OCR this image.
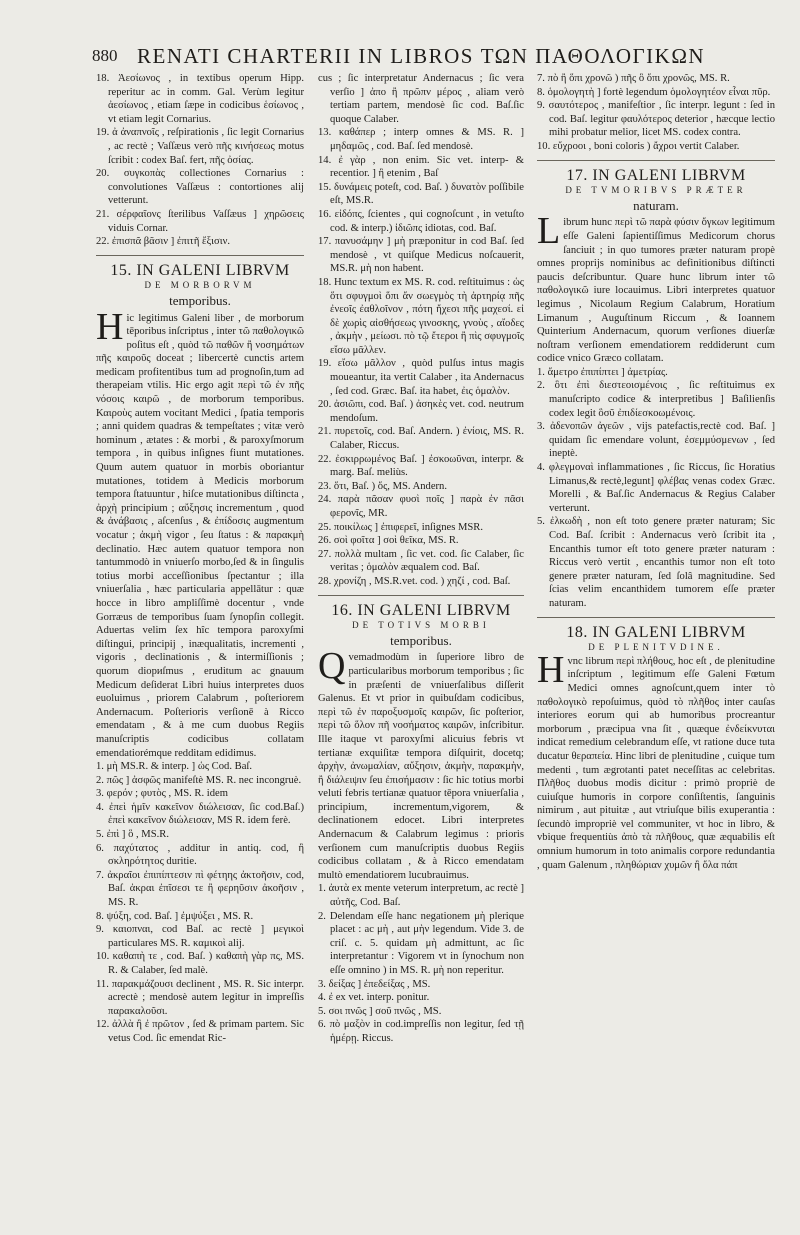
880 RENATI CHARTERII IN LIBROS ΤΩΝ ΠΑΘΟΛΟΓΙΚΩΝ

18. Ἀεσίωνος , in textibus operum Hipp. reperitur ac in comm. Gal. Verùm legitur ἀεσίωνος , etiam ſæpe in codicibus ἑσίωνος , vt etiam legit Cornarius.

19. ἀ ἀναπνοῖς , reſpirationis , ſic legit Cornarius , ac rectè ; Vaſſæus verò πῆς κινήσεως motus ſcribit : codex Baſ. fert, πῆς ὀσίας.

20. συγκοπὰς collectiones Cornarius : convolutiones Vaſſæus : contortiones alij vetterunt.

21. σέρφαῖονς ſterilibus Vaſſæus ] χηρῶσεις viduis Cornar.

22. ἐπισπᾶ βᾶσιν ] ἐπιτῆ ἔξισιν.

15. IN GALENI LIBRVM

DE MORBORVM

temporibus.

Hic legitimus Galeni liber , de morborum tēporibus inſcriptus , inter τῶ παθολογικῶ poſitus eſt , quòd τῶ παθῶν ἢ νοσημάτων πῆς καιροῦς doceat ; libercertè cunctis artem medicam profitentibus tum ad prognoſin,tum ad therapeiam vtilis. Hic ergo agit περὶ τῶ ἐν πῆς νόσοις καιρῶ , de morborum temporibus. Καιροὺς autem vocitant Medici , ſpatia temporis ; anni quidem quadras & tempeſtates ; vitæ verò hominum , ætates : & morbi , & paroxyſmorum tempora , in quibus inſignes fiunt mutationes. Quum autem quatuor in morbis oboriantur mutationes, totidem à Medicis morborum tempora ſtatuuntur , hiſce mutationibus diſtincta , ἀρχὴ principium ; αὔξησις incrementum , quod & ἀνάβασις , aſcenſus , & ἐπίδοσις augmentum vocatur ; ἀκμὴ vigor , ſeu ſtatus : & παρακμὴ declinatio. Hæc autem quatuor tempora non tantummodò in vniuerſo morbo,ſed & in ſingulis totius morbi acceſſionibus ſpectantur ; illa vniuerſalia , hæc particularia appellātur : quæ hocce in libro ampliſſimè docentur , vnde Gorræus de temporibus ſuam ſynopſin collegit. Aduertas velim ſex hîc tempora paroxyſmi diſtingui, principij , inæqualitatis, incrementi , vigoris , declinationis , & intermiſſionis ; quorum diориſmus , eruditum ac gnauum Medicum deſiderat Libri huius interpretes duos euoluimus , priorem Calabrum , poſteriorem Andernacum. Poſterioris verſionē à Ricco emendatam , & à me cum duobus Regiis manuſcriptis codicibus collatam emendatiorémque redditam edidimus.

1. μὴ MS.R. & interp. ] ὡς Cod. Baſ.

2. πῶς ] ἀσφῶς manifeſtè MS. R. nec incongruè.

3. φερόν ; φυτὸς , MS. R. idem

4. ἐπεὶ ἡμῖν κακεῖνον διώλεισαν, ſic cod.Baſ.) ἐπεὶ κακεῖνον διώλεισαν, MS R. idem ferè.

5. ἐπὶ ] ὃ , MS.R.

6. παχύτατος , additur in antiq. cod, ἢ σκληρότητος duritie.

7. ἀκραῖοι ἐπιπίπτεσιν πὶ φέτηης ἀκτοῆσιν, cod, Baſ. ἀκραι ἐπῖσεσι τε ἢ φερηῦσιν ἀκοῆσιν , MS. R.

8. ψύξη, cod. Baſ. ] ἐμψύξει , MS. R.

9. καιοπναι, cod Baſ. ac rectè ] μεγικοὶ particulares MS. R. καμικοὶ alij.

10. καθαπὴ τε , cod. Baſ. ) καθαπὴ γὰρ πς, MS. R. & Calaber, ſed malè.

11. παρακμάζουσι declinent , MS. R. Sic interpr. acrectè ; mendosè autem legitur in impreſſis παρακαλοῦσι.

12. ἀλλὰ ἢ ἐ πρῶτον , ſed & primam partem. Sic vetus Cod. ſic emendat Ric-

cus ; ſic interpretatur Andernacus ; ſic vera verſio ] ἀπο ἢ πρῶπν μέρος , aliam verò tertiam partem, mendosè ſic cod. Baſ.ſic quoque Calaber.

13. καθάπερ ; interp omnes & MS. R. ] μηδαμῶς , cod. Baſ. ſed mendosè.

14. ἐ γὰρ , non enim. Sic vet. interp- & recentior. ] ἢ etenim , Baſ

15. δυνάμεις poteſt, cod. Baſ. ) δυνατὸν poſſibile eſt, MS.R.

16. εἰδόπς, ſcientes , qui cognoſcunt , in vetuſto cod. & interp.) ἰδιῶπς idiotas, cod. Baſ.

17. πανυσάμην ] μὴ præponitur in cod Baſ. ſed mendosè , vt quiſque Medicus noſcauerit, MS.R. μὴ non habent.

18. Hunc textum ex MS. R. cod. reſtituimus : ὡς ὅτι σφυγμοὶ ὅπι ἄν σωεγμὸς τὴ ἀρτηρίᾳ πῆς ἐνεοῖς ἐαθλοῖνον , πότη ἤχεσι πῆς μαχεσί. εἰ δὲ χωρὶς αἰσθήσεως γινοσκης, γνοὺς , αἴοδες , ἀκμὴν , μείωσι. πὸ τῷ ἔτεροι ἢ πὶς σφυγμοῖς εἴσω μᾶλλεν.

19. εἴσω μᾶλλον , quòd pulſus intus magis moueantur, ita vertit Calaber , ita Andernacus , ſed cod. Græc. Baſ. ita habet, ἐις ὁμαλὸν.

20. ἀσιῶπι, cod. Baſ. ) ἀσηκὲς vet. cod. neutrum mendoſum.

21. πυρετοῖς, cod. Baſ. Andern. ) ἐνίοις, MS. R. Calaber, Riccus.

22. ἐσκιρρωμένος Baſ. ] ἐσκοωῦναι, interpr. & marg. Baſ. meliùs.

23. ὅτι, Baſ. ) ὅς, MS. Andern.

24. παρὰ πᾶσαν φυσὶ ποῖς ] παρὰ ἐν πᾶσι φερονῖς, MR.

25. ποικίλως ] ἐπιφερεῖ, inſignes MSR.

26. σοὶ φοῖτα ] σοὶ θεῖκα, MS. R.

27. πολλὰ multam , ſic vet. cod. ſic Calaber, ſic veritas ; ὁμαλὸν æqualem cod. Baſ.

28. χρονίζη , MS.R.vet. cod. ) χηζί , cod. Baſ.

16. IN GALENI LIBRVM

DE TOTIVS MORBI

temporibus.

Qvemadmodùm in ſuperiore libro de particularibus morborum temporibus ; ſic in præſenti de vniuerſalibus diſſerit Galenus. Et vt prior in quibuſdam codicibus, περὶ τῶ ἐν παροξυσμοῖς καιρῶν, ſic poſterior, περὶ τῶ ὅλον πῆ νοσήματος καιρῶν, inſcribitur. Ille itaque vt paroxyſmi alicuius febris vt tertianæ exquiſitæ tempora diſquirit, docetq; ἀρχὴν, ἀνωμαλίαν, αὔξησιν, ἀκμὴν, παρακμὴν, ἢ διάλειψιν ſeu ἐπισήμασιν : ſic hic totius morbi veluti febris tertianæ quatuor tēpora vniuerſalia , principium, incrementum,vigorem, & declinationem edocet. Libri interpretes Andernacum & Calabrum legimus : prioris verſionem cum manuſcriptis duobus Regiis codicibus collatam , & à Ricco emendatam multò emendatiorem lucubrauimus.

1. ἀυτὰ ex mente veterum interpretum, ac rectè ] αὐτῆς, Cod. Baſ.

2. Delendam eſſe hanc negationem μὴ plerique placet : ac μὴ , aut μὴν legendum. Vide 3. de criſ. c. 5. quidam μὴ admittunt, ac ſic interpretantur : Vigorem vt in ſynochum non eſſe omnino ) in MS. R. μὴ non reperitur.

3. δείξας ] ἐπεδείξας , MS.

4. ἐ ex vet. interp. ponitur.

5. σοι πνῶς ] σοῦ πνῶς , MS.

6. πὸ μαξὸν in cod.impreſſis non legitur, ſed τῇ ἡμέρῃ. Riccus.

7. πὸ ἢ ὅπι χρονῶ ) πῆς ὃ ὅπι χρονῶς, MS. R.

8. ὁμολογητὴ ] fortè legendum ὁμολογητέον εἶναι πῦρ.

9. σαυτότερος , manifeſtior , ſic interpr. legunt : ſed in cod. Baſ. legitur φαυλότερος deterior , hæcque lectio mihi probatur melior, licet MS. codex contra.

10. εὔχροοι , boni coloris ) ἄχροι vertit Calaber.

17. IN GALENI LIBRVM

DE TVMORIBVS PRÆTER

naturam.

Librum hunc περὶ τῶ παρὰ φύσιν ὄγκων legitimum eſſe Galeni ſapientiſſimus Medicorum chorus ſanciuit ; in quo tumores præter naturam propè omnes proprijs nominibus ac definitionibus diſtincti paucis deſcribuntur. Quare hunc librum inter τῶ παθολογικῶ iure locauimus. Libri interpretes quatuor legimus , Nicolaum Regium Calabrum, Horatium Limanum , Auguſtinum Riccum , & Ioannem Quinterium Andernacum, quorum verſiones diuerſæ noſtram verſionem emendatiorem reddiderunt cum codice vnico Græco collatam.

1. ἄμετρο ἐπιπίπτει ] ἀμετρίας.

2. ὃτι ἐπὶ διεστεοισμένοις , ſic reſtituimus ex manuſcripto codice & interpretibus ] Baſilienſis codex legit ὃσῦ ἐπιδίεσκοωμένοις.

3. ἀδενοπῶν ἀγεῶν , vijs patefactis,rectè cod. Baſ. ] quidam ſic emendare volunt, ἐσεμμύσμενων , ſed ineptè.

4. φλεγμοναὶ inflammationes , ſic Riccus, ſic Horatius Limanus,& rectè,legunt] φλέβας venas codex Græc. Morelli , & Baſ.ſic Andernacus & Regius Calaber verterunt.

5. ἐλκωδὴ , non eſt toto genere præter naturam; Sic Cod. Baſ. ſcribit : Andernacus verò ſcribit ita , Encanthis tumor eſt toto genere præter naturam : Riccus verò vertit , encanthis tumor non eſt toto genere præter naturam, ſed ſolâ magnitudine. Sed ſcias velim encanthidem tumorem eſſe præter naturam.

18. IN GALENI LIBRVM

DE PLENITVDINE.

Hvnc librum περὶ πλήθους, hoc eſt , de plenitudine inſcriptum , legitimum eſſe Galeni Fœtum Medici omnes agnoſcunt,quem inter τὸ παθολογικὸ repoſuimus, quòd τὸ πλῆθος inter cauſas interiores eorum qui ab humoribus procreantur morborum , præcipua vna ſit , quæque ἐνδείκνυται indicat remedium celebrandum eſſe, vt ratione duce tuta ducatur θεραπεία. Hinc libri de plenitudine , cuique tum medenti , tum ægrotanti patet neceſſitas ac celebritas. Πλῆθος duobus modis dicitur : primò propriè de cuiuſque humoris in corpore conſiſtentis, ſanguinis nimirum , aut pituitæ , aut vtriuſque bilis exuperantia : ſecundò impropriè vel communiter, vt hoc in libro, & vbique frequentiùs ἀπὸ τὰ πλῆθους, quæ æquabilis eſt omnium humorum in toto animalis corpore redundantia , quam Galenum , πληθώριαν χυμῶν ἢ ὅλα πάπ
